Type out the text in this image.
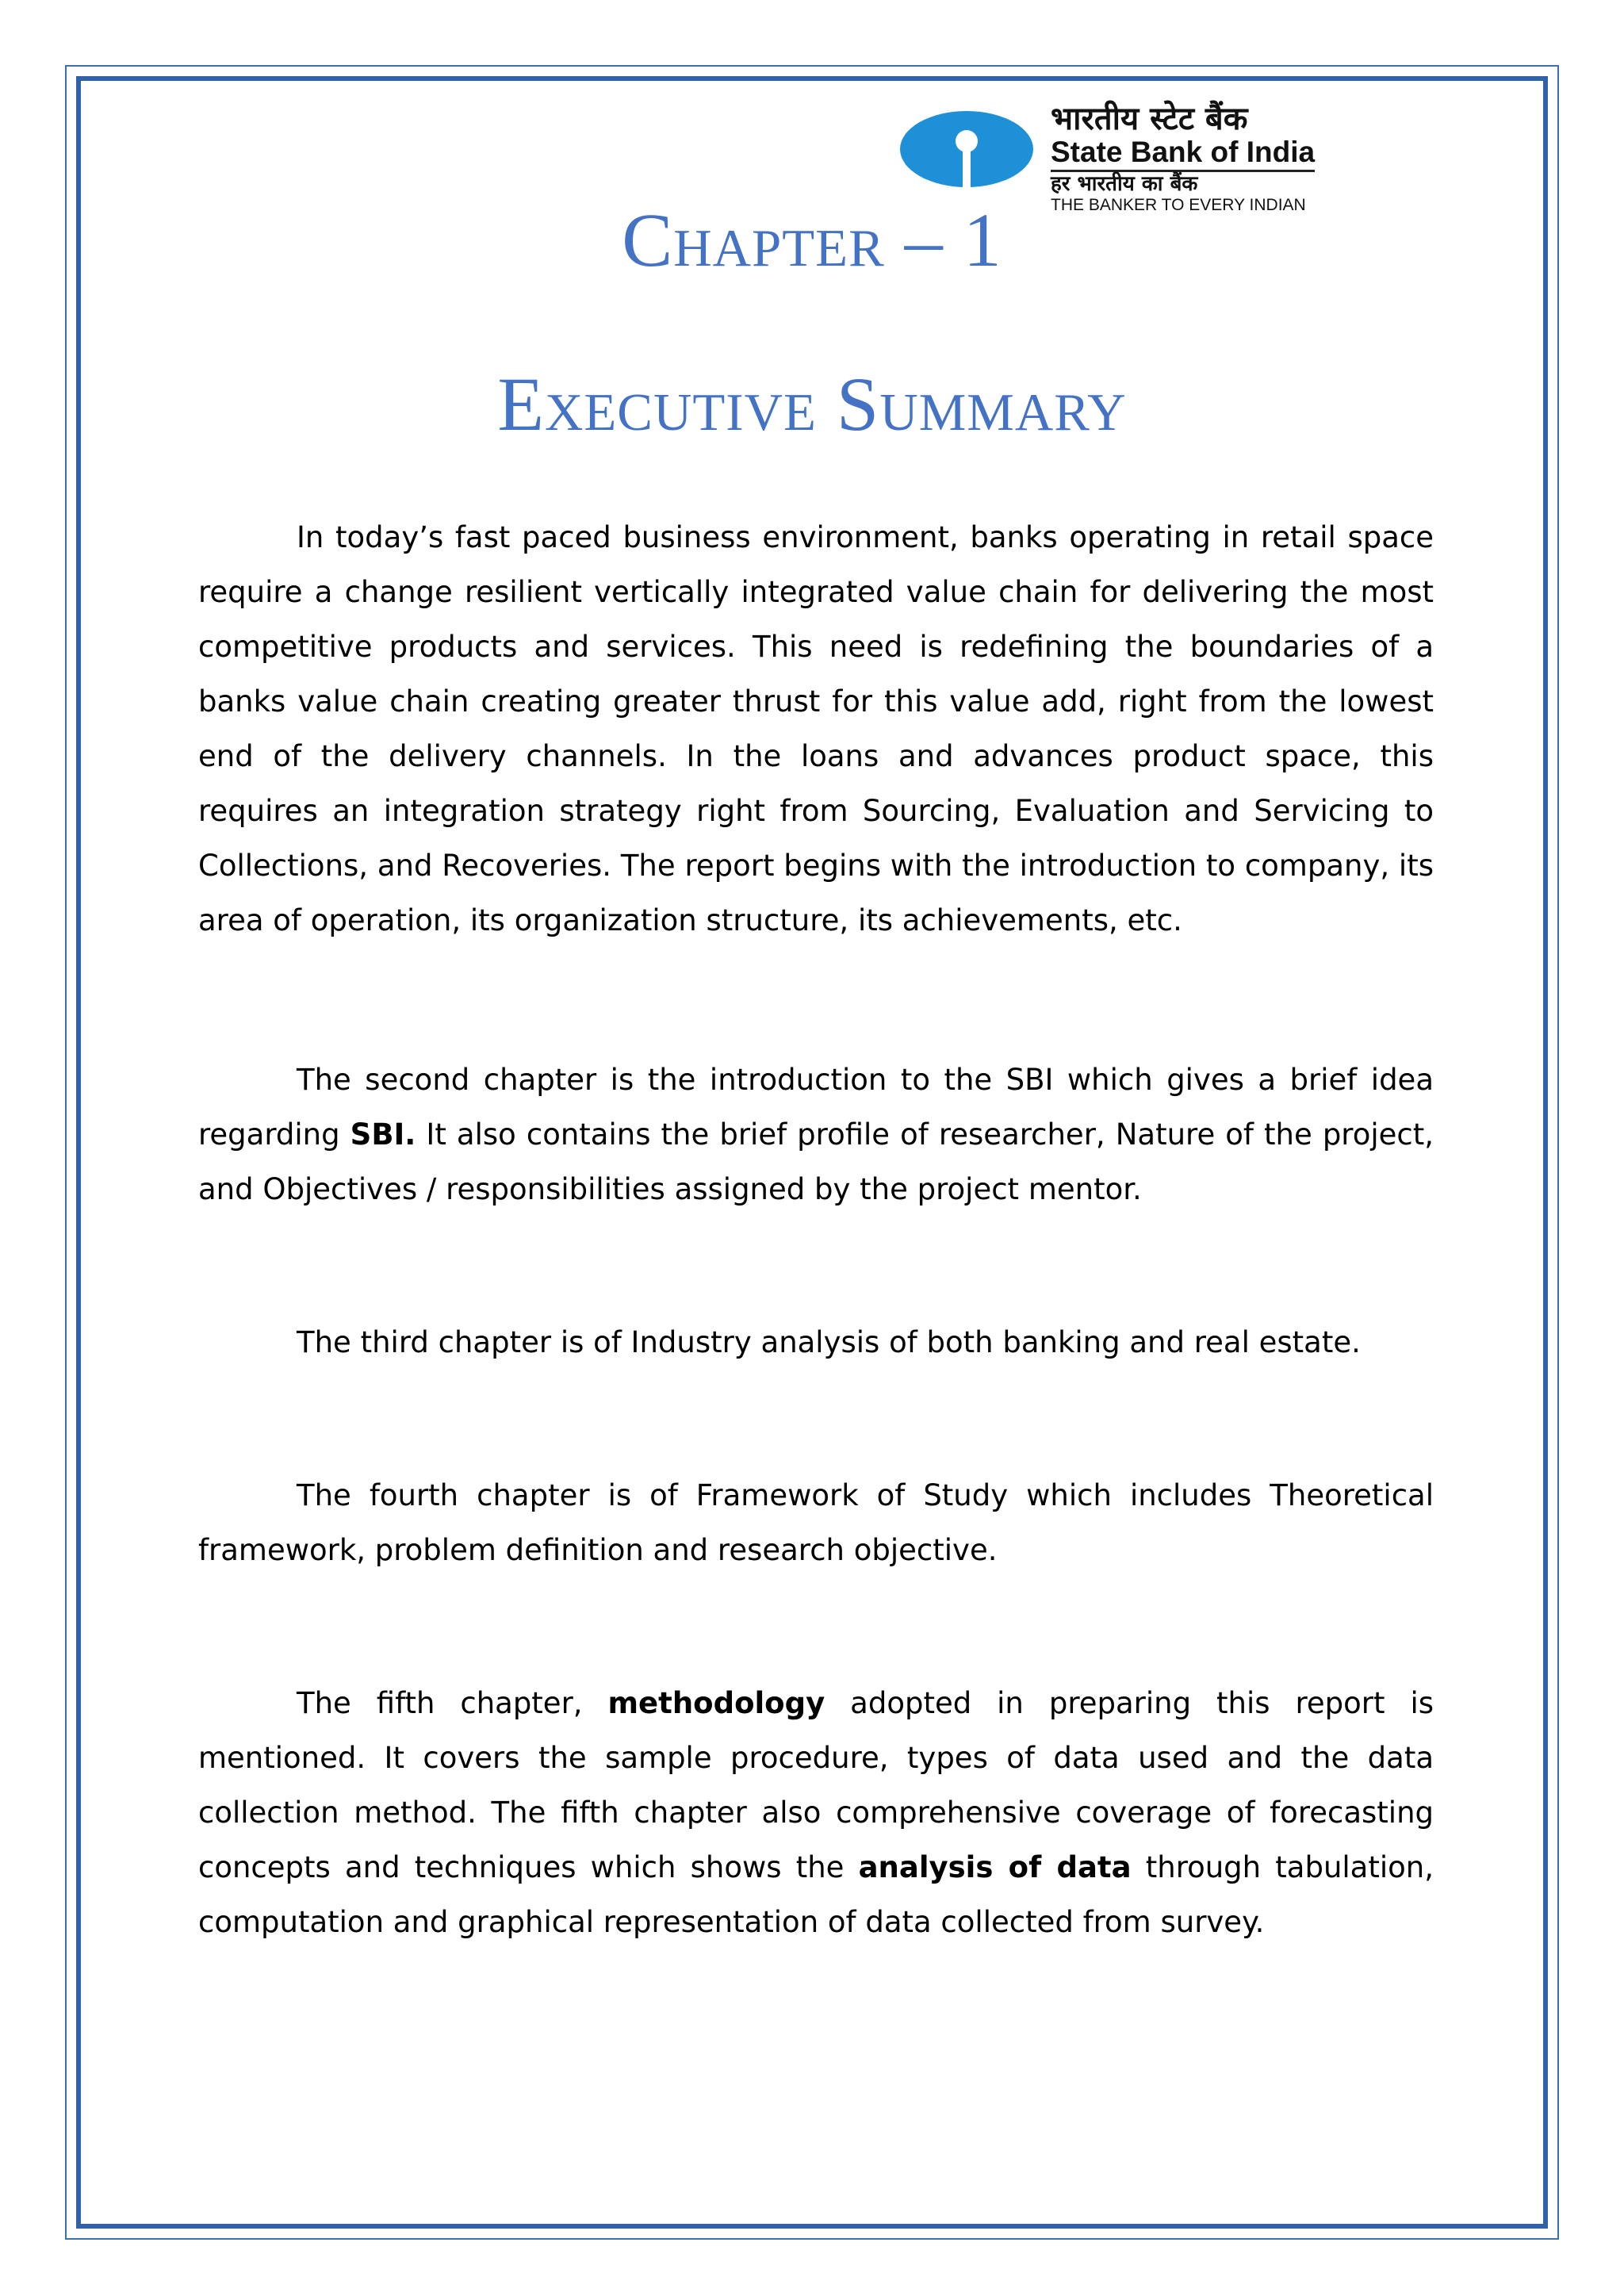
भारतीय स्टेट बैंक
State Bank of India
हर भारतीय का बैंक
THE BANKER TO EVERY INDIAN
Chapter – 1
Executive Summary

In today’s fast paced business environment, banks operating in retail space require a change resilient vertically integrated value chain for delivering the most competitive products and services. This need is redefining the boundaries of a banks value chain creating greater thrust for this value add, right from the lowest end of the delivery channels. In the loans and advances product space, this requires an integration strategy right from Sourcing, Evaluation and Servicing to Collections, and Recoveries. The report begins with the introduction to company, its area of operation, its organization structure, its achievements, etc.

The second chapter is the introduction to the SBI which gives a brief idea regarding SBI. It also contains the brief profile of researcher, Nature of the project, and Objectives / responsibilities assigned by the project mentor.

The third chapter is of Industry analysis of both banking and real estate.

The fourth chapter is of Framework of Study which includes Theoretical framework, problem definition and research objective.

The fifth chapter, methodology adopted in preparing this report is mentioned. It covers the sample procedure, types of data used and the data collection method. The fifth chapter also comprehensive coverage of forecasting concepts and techniques which shows the analysis of data through tabulation, computation and graphical representation of data collected from survey.
